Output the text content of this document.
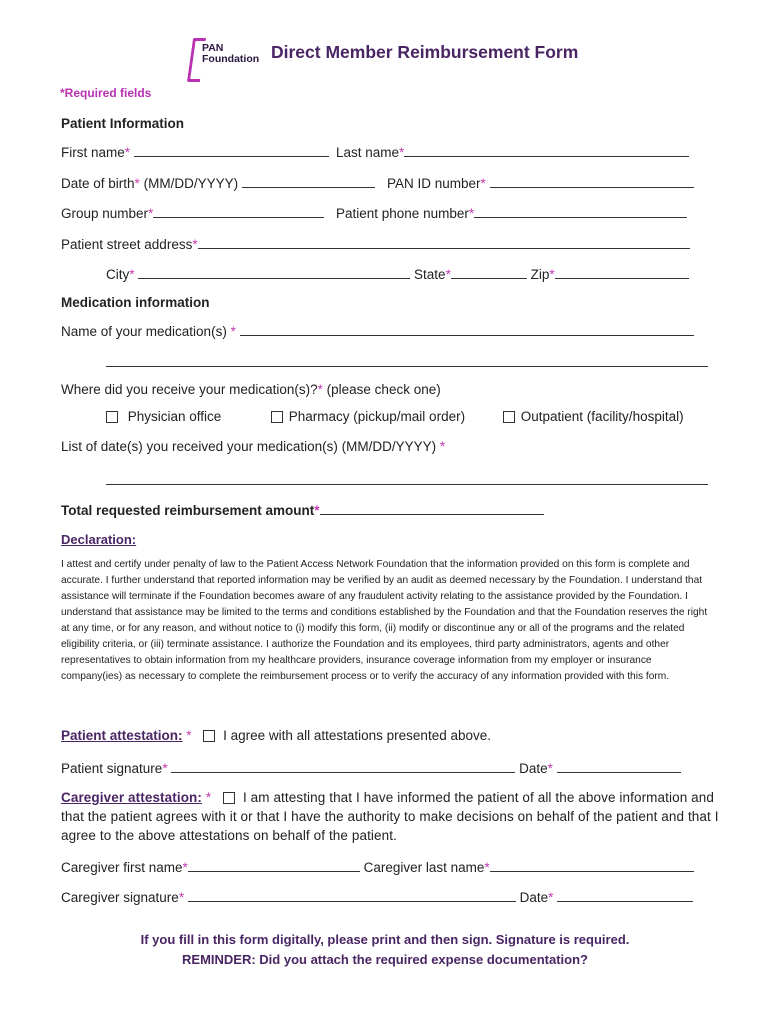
PAN
Foundation Direct Member Reimbursement Form
*Required fields
Patient Information
First name*	Last name*
Date of birth* (MM/DD/YYYY)	PAN ID number*
Group number*	Patient phone number*
Patient street address*
City*	State*	Zip*
Medication information
Name of your medication(s) *
Where did you receive your medication(s)?* (please check one)
Physician office	Pharmacy (pickup/mail order)	Outpatient (facility/hospital)
List of date(s) you received your medication(s) (MM/DD/YYYY) *
Total requested reimbursement amount*
Declaration:
I attest and certify under penalty of law to the Patient Access Network Foundation that the information provided on this form is complete and accurate. I further understand that reported information may be verified by an audit as deemed necessary by the Foundation. I understand that assistance will terminate if the Foundation becomes aware of any fraudulent activity relating to the assistance provided by the Foundation. I understand that assistance may be limited to the terms and conditions established by the Foundation and that the Foundation reserves the right at any time, or for any reason, and without notice to (i) modify this form, (ii) modify or discontinue any or all of the programs and the related eligibility criteria, or (iii) terminate assistance. I authorize the Foundation and its employees, third party administrators, agents and other representatives to obtain information from my healthcare providers, insurance coverage information from my employer or insurance company(ies) as necessary to complete the reimbursement process or to verify the accuracy of any information provided with this form.
Patient attestation: * I agree with all attestations presented above.
Patient signature*	Date*
Caregiver attestation: * I am attesting that I have informed the patient of all the above information and that the patient agrees with it or that I have the authority to make decisions on behalf of the patient and that I agree to the above attestations on behalf of the patient.
Caregiver first name*	Caregiver last name*
Caregiver signature*	Date*
If you fill in this form digitally, please print and then sign. Signature is required.
REMINDER: Did you attach the required expense documentation?
